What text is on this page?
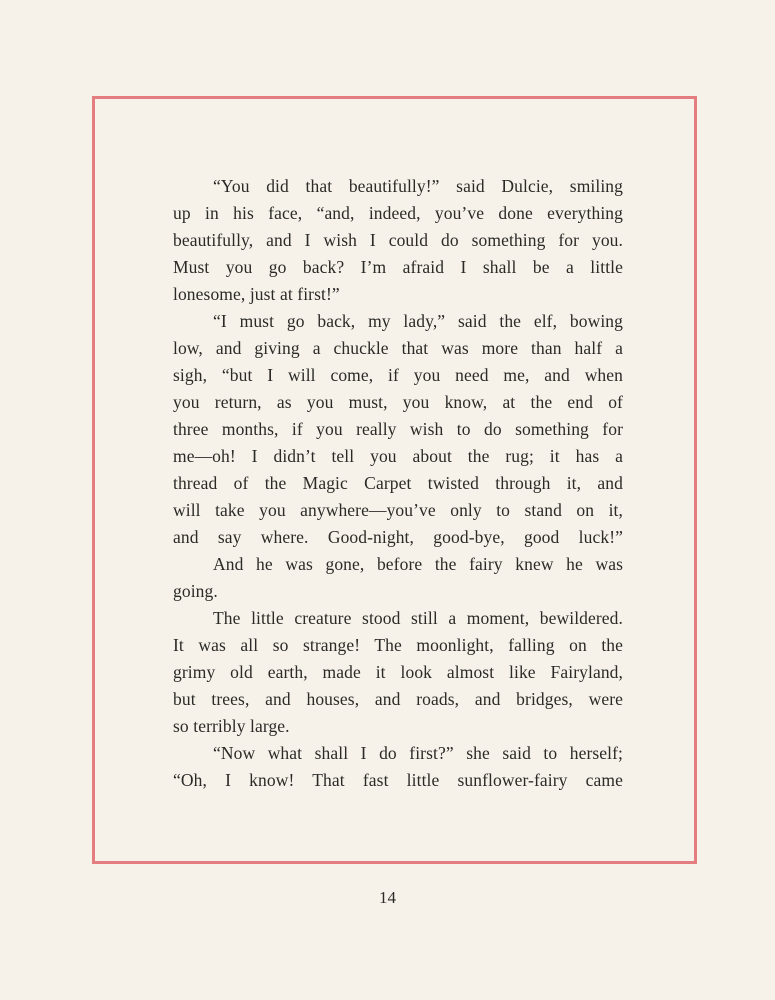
“You did that beautifully!” said Dulcie, smiling
up in his face, “and, indeed, you’ve done everything
beautifully, and I wish I could do something for you.
Must you go back? I’m afraid I shall be a little
lonesome, just at first!”
“I must go back, my lady,” said the elf, bowing
low, and giving a chuckle that was more than half a
sigh, “but I will come, if you need me, and when
you return, as you must, you know, at the end of
three months, if you really wish to do something for
me—oh! I didn’t tell you about the rug; it has a
thread of the Magic Carpet twisted through it, and
will take you anywhere—you’ve only to stand on it,
and say where. Good-night, good-bye, good luck!”
And he was gone, before the fairy knew he was
going.
The little creature stood still a moment, bewildered.
It was all so strange! The moonlight, falling on the
grimy old earth, made it look almost like Fairyland,
but trees, and houses, and roads, and bridges, were
so terribly large.
“Now what shall I do first?” she said to herself;
“Oh, I know! That fast little sunflower-fairy came
14
